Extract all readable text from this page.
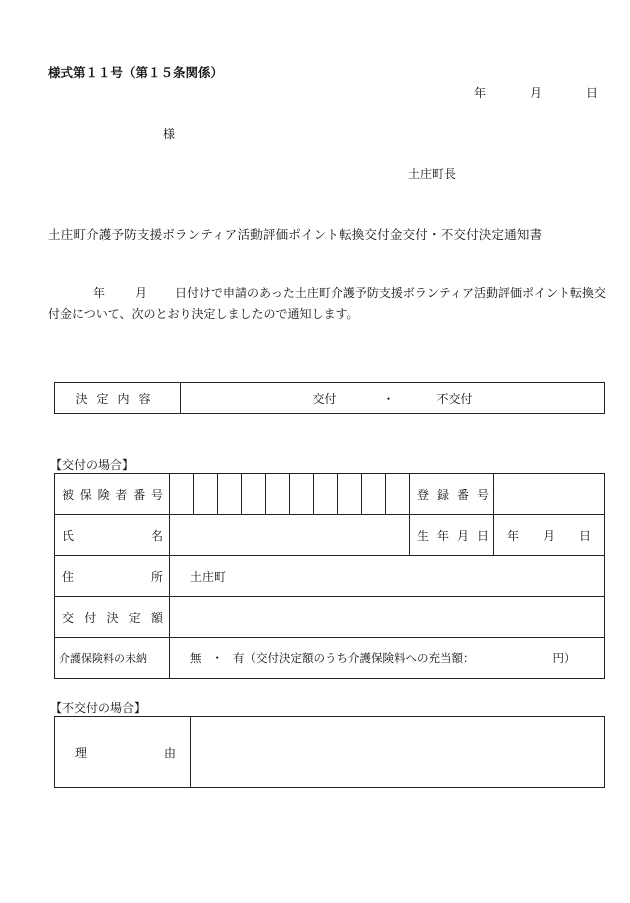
様式第１１号（第１５条関係）
年	月	日
様
土庄町長
土庄町介護予防支援ボランティア活動評価ポイント転換交付金交付・不交付決定通知書
年	月 日付けで申請のあった土庄町介護予防支援ボランティア活動評価ポイント転換交付金について、次のとおり決定しましたので通知します。
決定内容	交付	・	不交付
【交付の場合】
被保険者番号											登録番号	
氏名											生年月日	年 月 日
住所	土庄町											
交付決定額												
介護保険料の未納	無 ・ 有（交付決定額のうち介護保険料への充当額： 円）											
【不交付の場合】
理由	
